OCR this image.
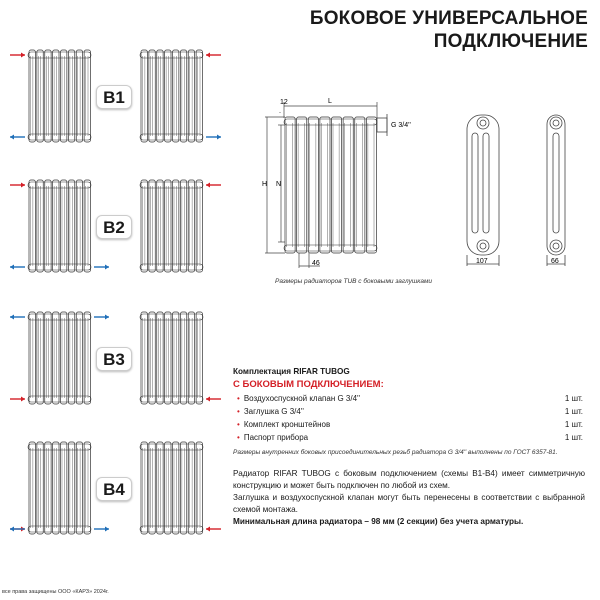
БОКОВОЕ УНИВЕРСАЛЬНОЕ
ПОДКЛЮЧЕНИЕ
B1
B2
B3
B4
12	L
H N
G 3/4''
46	107	66
Размеры радиаторов TUB с боковыми заглушками
Комплектация RIFAR TUBOG
С БОКОВЫМ ПОДКЛЮЧЕНИЕМ:
• Воздухоспускной клапан G 3/4''	1 шт.
• Заглушка G 3/4''	1 шт.
• Комплект кронштейнов	1 шт.
• Паспорт прибора	1 шт.
Размеры внутренних боковых присоединительных резьб радиатора G 3/4'' выполнены по ГОСТ 6357-81.
Радиатор RIFAR TUBOG с боковым подключением (схемы B1-B4) имеет симметричную конструкцию и может быть подключен по любой из схем.
Заглушка и воздухоспускной клапан могут быть перенесены в соответствии с выбранной схемой монтажа.
Минимальная длина радиатора – 98 мм (2 секции) без учета арматуры.
все права защищены ООО «КАРЗ» 2024г.
